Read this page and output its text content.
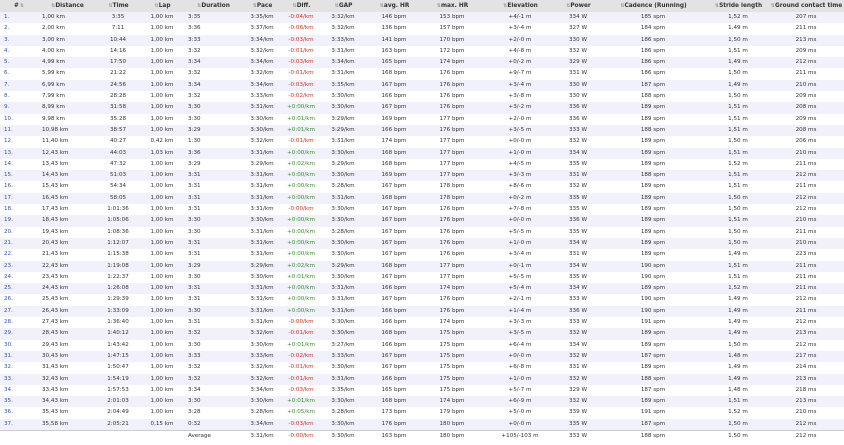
#⇅	⇅Distance	⇅Time	⇅Lap	⇅Duration	⇅Pace	⇅Diff.	⇅GAP	⇅avg. HR	⇅max. HR	⇅Elevation	⇅Power	⇅Cadence (Running)	⇅Stride length	⇅Ground contact time
1.	1,00 km	3:35	1,00 km	3:35	3:35/km	-0:04/km	3:32/km	146 bpm	153 bpm	+4/-1 m	334 W	185 spm	1,52 m	207 ms
2.	2,00 km	7:11	1,00 km	3:36	3:37/km	-0:06/km	3:32/km	136 bpm	157 bpm	+3/-4 m	327 W	184 spm	1,49 m	211 ms
3.	3,00 km	10:44	1,00 km	3:33	3:34/km	-0:03/km	3:33/km	141 bpm	170 bpm	+2/-0 m	330 W	186 spm	1,50 m	213 ms
4.	4,00 km	14:16	1,00 km	3:32	3:32/km	-0:01/km	3:31/km	163 bpm	172 bpm	+4/-8 m	332 W	186 spm	1,51 m	209 ms
5.	4,99 km	17:50	1,00 km	3:34	3:34/km	-0:03/km	3:34/km	165 bpm	174 bpm	+0/-2 m	329 W	186 spm	1,49 m	212 ms
6.	5,99 km	21:22	1,00 km	3:32	3:32/km	-0:01/km	3:31/km	168 bpm	176 bpm	+9/-7 m	331 W	186 spm	1,50 m	211 ms
7.	6,99 km	24:56	1,00 km	3:34	3:34/km	-0:03/km	3:35/km	167 bpm	176 bpm	+3/-4 m	330 W	187 spm	1,49 m	210 ms
8.	7,99 km	28:28	1,00 km	3:32	3:33/km	-0:02/km	3:30/km	166 bpm	176 bpm	+3/-8 m	330 W	188 spm	1,50 m	209 ms
9.	8,99 km	31:58	1,00 km	3:30	3:31/km	+0:00/km	3:30/km	167 bpm	176 bpm	+3/-2 m	336 W	189 spm	1,51 m	208 ms
10.	9,98 km	35:28	1,00 km	3:30	3:30/km	+0:01/km	3:29/km	169 bpm	177 bpm	+2/-0 m	336 W	189 spm	1,51 m	209 ms
11.	10,98 km	38:57	1,00 km	3:29	3:30/km	+0:01/km	3:29/km	166 bpm	176 bpm	+3/-5 m	333 W	188 spm	1,51 m	208 ms
12.	11,40 km	40:27	0,42 km	1:30	3:32/km	-0:01/km	3:31/km	174 bpm	177 bpm	+0/-0 m	332 W	189 spm	1,50 m	206 ms
13.	12,43 km	44:03	1,03 km	3:36	3:31/km	+0:00/km	3:30/km	168 bpm	177 bpm	+1/-0 m	334 W	189 spm	1,51 m	210 ms
14.	13,43 km	47:32	1,00 km	3:29	3:29/km	+0:02/km	3:29/km	168 bpm	177 bpm	+4/-5 m	335 W	189 spm	1,52 m	211 ms
15.	14,43 km	51:03	1,00 km	3:31	3:31/km	+0:00/km	3:30/km	169 bpm	177 bpm	+3/-3 m	331 W	188 spm	1,51 m	212 ms
16.	15,43 km	54:34	1,00 km	3:31	3:31/km	+0:00/km	3:28/km	167 bpm	178 bpm	+8/-6 m	332 W	189 spm	1,51 m	211 ms
17.	16,43 km	58:05	1,00 km	3:31	3:31/km	+0:00/km	3:31/km	168 bpm	178 bpm	+0/-2 m	335 W	189 spm	1,50 m	212 ms
18.	17,43 km	1:01:36	1,00 km	3:31	3:31/km	-0:00/km	3:30/km	167 bpm	176 bpm	+7/-8 m	335 W	189 spm	1,50 m	212 ms
19.	18,43 km	1:05:06	1,00 km	3:30	3:30/km	+0:00/km	3:30/km	167 bpm	176 bpm	+0/-0 m	336 W	189 spm	1,51 m	210 ms
20.	19,43 km	1:08:36	1,00 km	3:30	3:31/km	+0:00/km	3:28/km	167 bpm	176 bpm	+5/-5 m	335 W	189 spm	1,50 m	211 ms
21.	20,43 km	1:12:07	1,00 km	3:31	3:31/km	+0:00/km	3:30/km	167 bpm	176 bpm	+1/-0 m	334 W	189 spm	1,50 m	210 ms
22.	21,43 km	1:15:38	1,00 km	3:31	3:31/km	+0:00/km	3:30/km	167 bpm	176 bpm	+3/-4 m	331 W	189 spm	1,49 m	223 ms
23.	22,43 km	1:19:08	1,00 km	3:29	3:29/km	+0:02/km	3:29/km	168 bpm	177 bpm	+0/-1 m	334 W	190 spm	1,51 m	211 ms
24.	23,43 km	1:22:37	1,00 km	3:30	3:30/km	+0:01/km	3:30/km	167 bpm	177 bpm	+5/-5 m	335 W	190 spm	1,51 m	211 ms
25.	24,43 km	1:26:08	1,00 km	3:31	3:31/km	+0:00/km	3:31/km	166 bpm	174 bpm	+5/-4 m	334 W	189 spm	1,52 m	211 ms
26.	25,43 km	1:29:39	1,00 km	3:31	3:31/km	+0:00/km	3:31/km	167 bpm	176 bpm	+2/-1 m	333 W	190 spm	1,49 m	212 ms
27.	26,43 km	1:33:09	1,00 km	3:30	3:31/km	+0:00/km	3:31/km	166 bpm	176 bpm	+1/-4 m	336 W	190 spm	1,49 m	211 ms
28.	27,43 km	1:36:40	1,00 km	3:31	3:31/km	-0:00/km	3:30/km	166 bpm	174 bpm	+3/-3 m	333 W	191 spm	1,49 m	212 ms
29.	28,43 km	1:40:12	1,00 km	3:32	3:32/km	-0:01/km	3:30/km	168 bpm	175 bpm	+3/-5 m	332 W	189 spm	1,49 m	213 ms
30.	29,43 km	1:43:42	1,00 km	3:30	3:30/km	+0:01/km	3:27/km	166 bpm	175 bpm	+6/-4 m	334 W	189 spm	1,50 m	212 ms
31.	30,43 km	1:47:15	1,00 km	3:33	3:33/km	-0:02/km	3:33/km	167 bpm	175 bpm	+0/-0 m	332 W	187 spm	1,48 m	217 ms
32.	31,43 km	1:50:47	1,00 km	3:32	3:32/km	-0:01/km	3:30/km	167 bpm	175 bpm	+6/-8 m	331 W	189 spm	1,49 m	214 ms
33.	32,43 km	1:54:19	1,00 km	3:32	3:32/km	-0:01/km	3:31/km	166 bpm	175 bpm	+1/-0 m	332 W	188 spm	1,49 m	213 ms
34.	33,43 km	1:57:53	1,00 km	3:34	3:34/km	-0:03/km	3:35/km	165 bpm	175 bpm	+5/-7 m	329 W	187 spm	1,48 m	218 ms
35.	34,43 km	2:01:03	1,00 km	3:30	3:30/km	+0:01/km	3:30/km	168 bpm	174 bpm	+6/-9 m	332 W	189 spm	1,51 m	213 ms
36.	35,43 km	2:04:49	1,00 km	3:28	3:28/km	+0:05/km	3:28/km	173 bpm	179 bpm	+5/-0 m	339 W	191 spm	1,52 m	210 ms
37.	35,58 km	2:05:21	0,15 km	0:32	3:34/km	-0:03/km	3:30/km	176 bpm	180 bpm	+0/-0 m	335 W	187 spm	1,50 m	212 ms
				Average	3:31/km	-0:00/km	3:30/km	163 bpm	180 bpm	+105/-103 m	333 W	188 spm	1,50 m	212 ms
